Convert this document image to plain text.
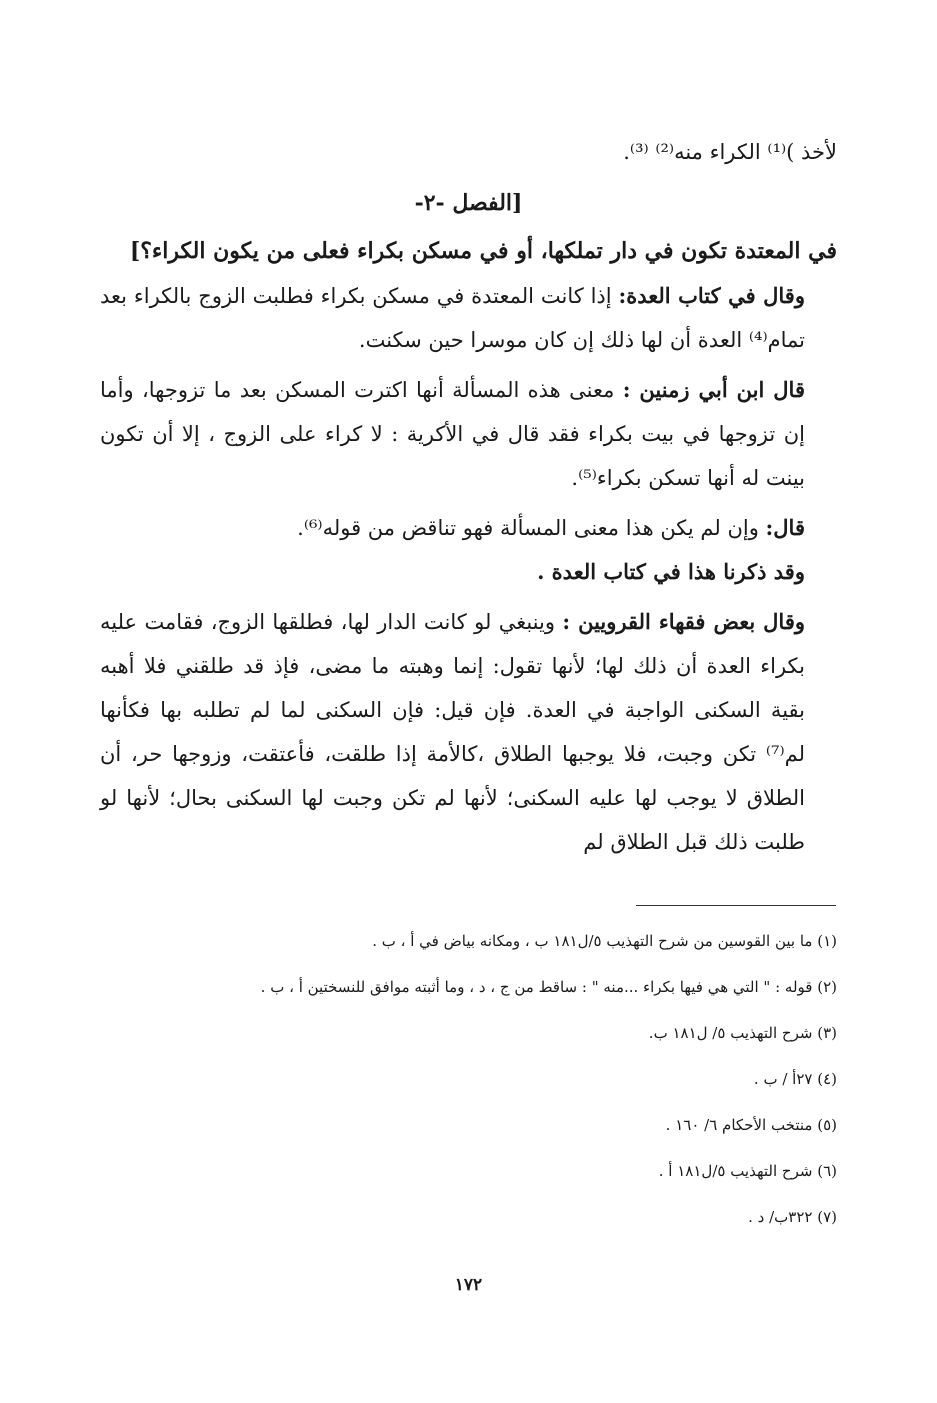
لأخذ )⁽¹⁾ الكراء منه⁽²⁾ ⁽³⁾.
[الفصل -٢-
في المعتدة تكون في دار تملكها، أو في مسكن بكراء فعلى من يكون الكراء؟]

وقال في كتاب العدة: إذا كانت المعتدة في مسكن بكراء فطلبت الزوج بالكراء بعد تمام⁽⁴⁾ العدة أن لها ذلك إن كان موسرا حين سكنت.

قال ابن أبي زمنين : معنى هذه المسألة أنها اكترت المسكن بعد ما تزوجها، وأما إن تزوجها في بيت بكراء فقد قال في الأكرية : لا كراء على الزوج ، إلا أن تكون بينت له أنها تسكن بكراء⁽⁵⁾.

قال: وإن لم يكن هذا معنى المسألة فهو تناقض من قوله⁽⁶⁾.

وقد ذكرنا هذا في كتاب العدة .

وقال بعض فقهاء القرويين : وينبغي لو كانت الدار لها، فطلقها الزوج، فقامت عليه بكراء العدة أن ذلك لها؛ لأنها تقول: إنما وهبته ما مضى، فإذ قد طلقني فلا أهبه بقية السكنى الواجبة في العدة. فإن قيل: فإن السكنى لما لم تطلبه بها فكأنها لم⁽⁷⁾ تكن وجبت، فلا يوجبها الطلاق ،كالأمة إذا طلقت، فأعتقت، وزوجها حر، أن الطلاق لا يوجب لها عليه السكنى؛ لأنها لم تكن وجبت لها السكنى بحال؛ لأنها لو طلبت ذلك قبل الطلاق لم

(١) ما بين القوسين من شرح التهذيب ٥/ل١٨١ ب ، ومكانه بياض في أ ، ب .
(٢) قوله : " التي هي فيها بكراء ...منه " : ساقط من ج ، د ، وما أثبته موافق للنسختين أ ، ب .
(٣) شرح التهذيب ٥/ ل١٨١ ب.
(٤) ٢٧أ / ب .
(٥) منتخب الأحكام ٦/ ١٦٠ .
(٦) شرح التهذيب ٥/ل١٨١ أ .
(٧) ٣٢٢ب/ د .
١٧٢
